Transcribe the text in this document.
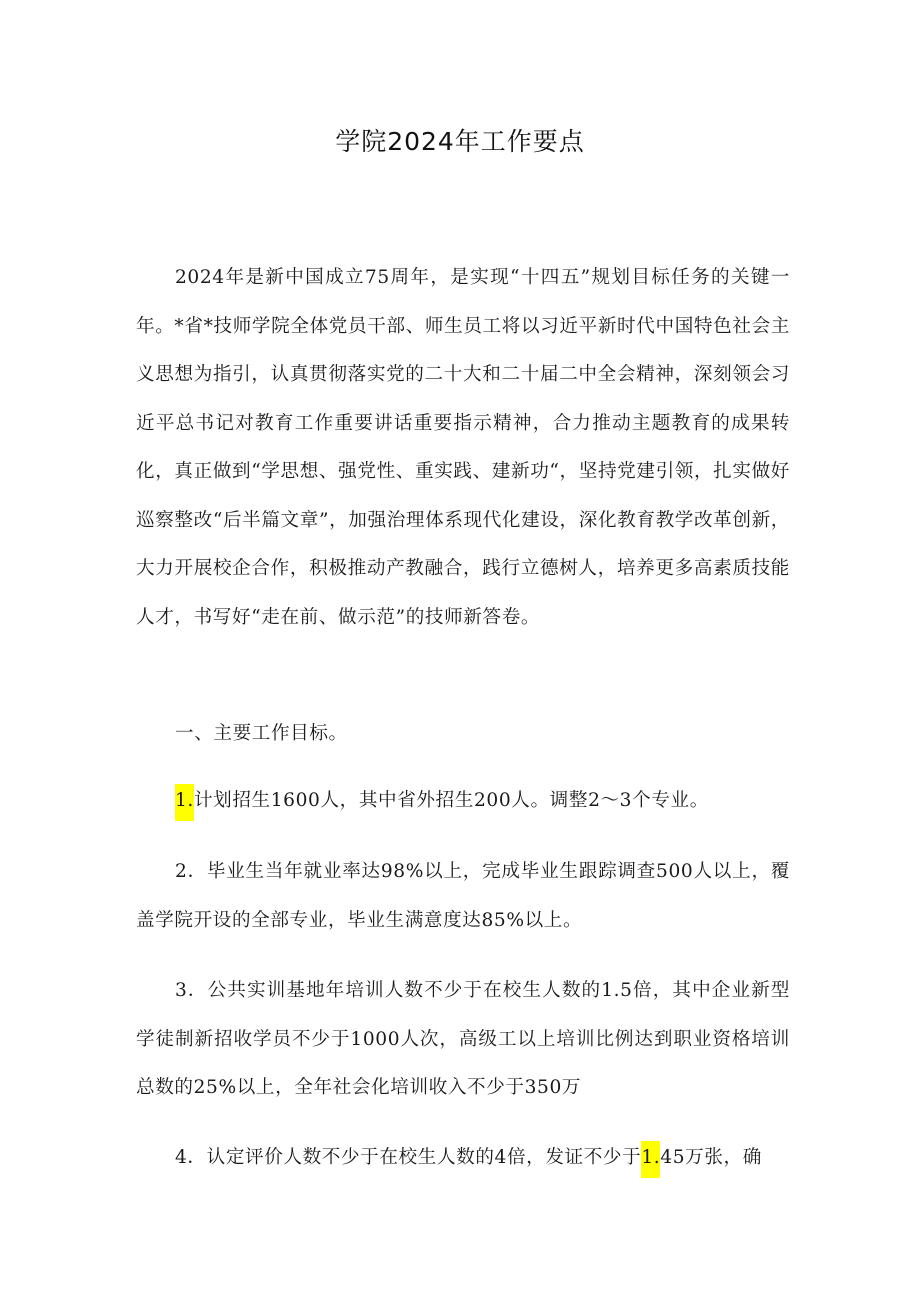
学院2024年工作要点

2024年是新中国成立75周年，是实现“十四五”规划目标任务的关键一年。*省*技师学院全体党员干部、师生员工将以习近平新时代中国特色社会主义思想为指引，认真贯彻落实党的二十大和二十届二中全会精神，深刻领会习近平总书记对教育工作重要讲话重要指示精神，合力推动主题教育的成果转化，真正做到“学思想、强党性、重实践、建新功“，坚持党建引领，扎实做好巡察整改“后半篇文章”，加强治理体系现代化建设，深化教育教学改革创新，大力开展校企合作，积极推动产教融合，践行立德树人，培养更多高素质技能人才，书写好“走在前、做示范”的技师新答卷。

一、主要工作目标。

1.计划招生1600人，其中省外招生200人。调整2〜3个专业。

2．毕业生当年就业率达98%以上，完成毕业生跟踪调查500人以上，覆盖学院开设的全部专业，毕业生满意度达85%以上。

3．公共实训基地年培训人数不少于在校生人数的1.5倍，其中企业新型学徒制新招收学员不少于1000人次，高级工以上培训比例达到职业资格培训总数的25%以上，全年社会化培训收入不少于350万

4．认定评价人数不少于在校生人数的4倍，发证不少于1.45万张，确
